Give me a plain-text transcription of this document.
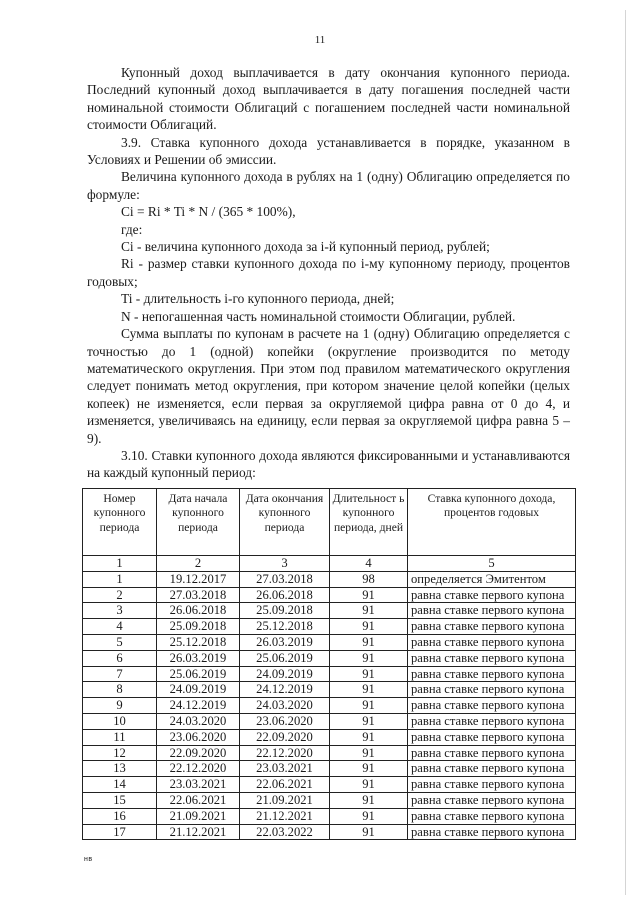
11

Купонный доход выплачивается в дату окончания купонного периода. Последний купонный доход выплачивается в дату погашения последней части номинальной стоимости Облигаций с погашением последней части номинальной стоимости Облигаций.

3.9. Ставка купонного дохода устанавливается в порядке, указанном в Условиях и Решении об эмиссии.

Величина купонного дохода в рублях на 1 (одну) Облигацию определяется по формуле:

Ci = Ri * Ti * N / (365 * 100%),

где:

Ci - величина купонного дохода за i-й купонный период, рублей;

Ri - размер ставки купонного дохода по i-му купонному периоду, процентов годовых;

Ti - длительность i-го купонного периода, дней;

N - непогашенная часть номинальной стоимости Облигации, рублей.

Сумма выплаты по купонам в расчете на 1 (одну) Облигацию определяется с точностью до 1 (одной) копейки (округление производится по методу математического округления. При этом под правилом математического округления следует понимать метод округления, при котором значение целой копейки (целых копеек) не изменяется, если первая за округляемой цифра равна от 0 до 4, и изменяется, увеличиваясь на единицу, если первая за округляемой цифра равна 5 – 9).

3.10. Ставки купонного дохода являются фиксированными и устанавливаются на каждый купонный период:

Номер купонного периода	Дата начала купонного периода	Дата окончания купонного периода	Длительност ь купонного периода, дней	Ставка купонного дохода, процентов годовых
1	2	3	4	5
1	19.12.2017	27.03.2018	98	определяется Эмитентом
2	27.03.2018	26.06.2018	91	равна ставке первого купона
3	26.06.2018	25.09.2018	91	равна ставке первого купона
4	25.09.2018	25.12.2018	91	равна ставке первого купона
5	25.12.2018	26.03.2019	91	равна ставке первого купона
6	26.03.2019	25.06.2019	91	равна ставке первого купона
7	25.06.2019	24.09.2019	91	равна ставке первого купона
8	24.09.2019	24.12.2019	91	равна ставке первого купона
9	24.12.2019	24.03.2020	91	равна ставке первого купона
10	24.03.2020	23.06.2020	91	равна ставке первого купона
11	23.06.2020	22.09.2020	91	равна ставке первого купона
12	22.09.2020	22.12.2020	91	равна ставке первого купона
13	22.12.2020	23.03.2021	91	равна ставке первого купона
14	23.03.2021	22.06.2021	91	равна ставке первого купона
15	22.06.2021	21.09.2021	91	равна ставке первого купона
16	21.09.2021	21.12.2021	91	равна ставке первого купона
17	21.12.2021	22.03.2022	91	равна ставке первого купона
нв
